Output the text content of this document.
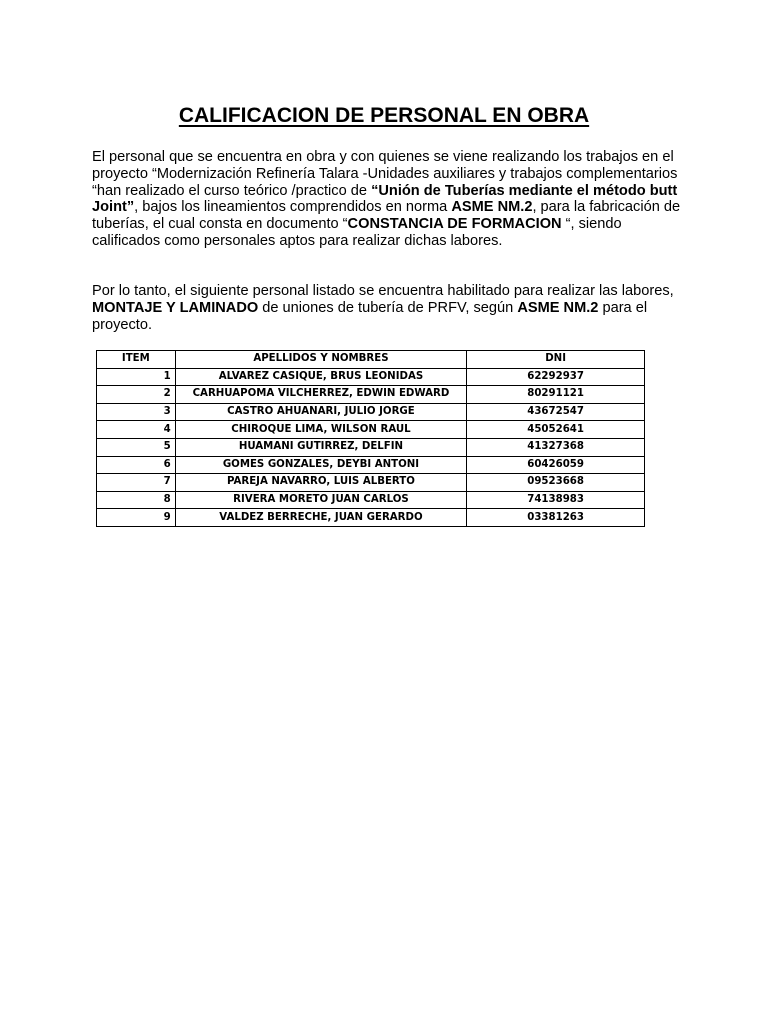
CALIFICACION DE PERSONAL EN OBRA

El personal que se encuentra en obra y con quienes se viene realizando los trabajos en el proyecto “Modernización Refinería Talara -Unidades auxiliares y trabajos complementarios “han realizado el curso teórico /practico de “Unión de Tuberías mediante el método butt Joint”, bajos los lineamientos comprendidos en norma ASME NM.2, para la fabricación de tuberías, el cual consta en documento “CONSTANCIA DE FORMACION “, siendo calificados como personales aptos para realizar dichas labores.

Por lo tanto, el siguiente personal listado se encuentra habilitado para realizar las labores, MONTAJE Y LAMINADO de uniones de tubería de PRFV, según ASME NM.2 para el proyecto.

ITEM	APELLIDOS Y NOMBRES	DNI
1	ALVAREZ CASIQUE, BRUS LEONIDAS	62292937
2	CARHUAPOMA VILCHERREZ, EDWIN EDWARD	80291121
3	CASTRO AHUANARI, JULIO JORGE	43672547
4	CHIROQUE LIMA, WILSON RAUL	45052641
5	HUAMANI GUTIRREZ, DELFIN	41327368
6	GOMES GONZALES, DEYBI ANTONI	60426059
7	PAREJA NAVARRO, LUIS ALBERTO	09523668
8	RIVERA MORETO JUAN CARLOS	74138983
9	VALDEZ BERRECHE, JUAN GERARDO	03381263
